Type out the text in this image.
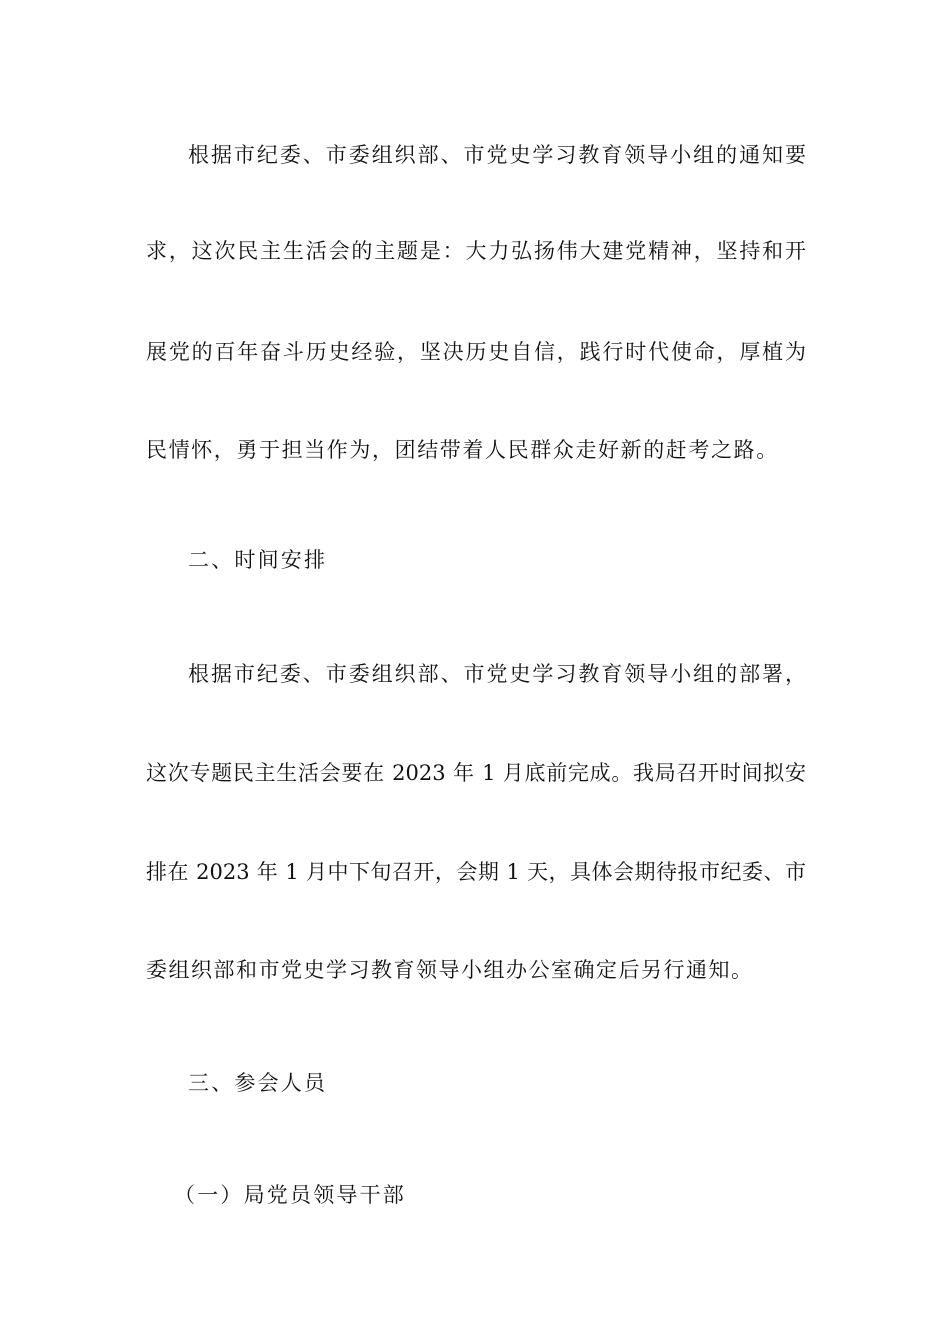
根据市纪委、市委组织部、市党史学习教育领导小组的通知要
求，这次民主生活会的主题是：大力弘扬伟大建党精神，坚持和开
展党的百年奋斗历史经验，坚决历史自信，践行时代使命，厚植为
民情怀，勇于担当作为，团结带着人民群众走好新的赶考之路。
二、时间安排
根据市纪委、市委组织部、市党史学习教育领导小组的部署，
这次专题民主生活会要在 2023 年 1 月底前完成。我局召开时间拟安
排在 2023 年 1 月中下旬召开，会期 1 天，具体会期待报市纪委、市
委组织部和市党史学习教育领导小组办公室确定后另行通知。
三、参会人员
（一）局党员领导干部
